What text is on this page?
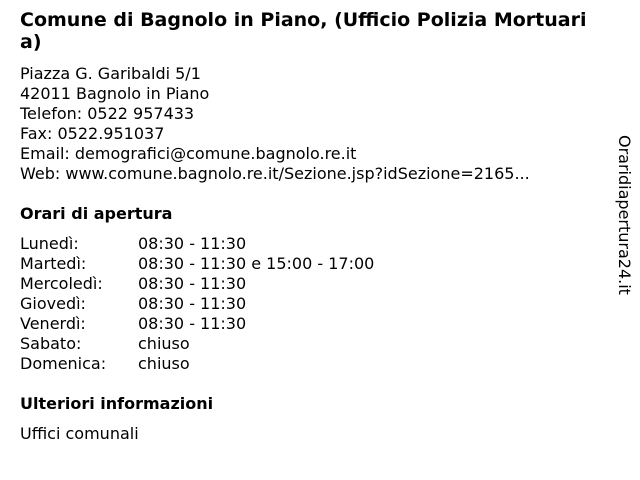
Comune di Bagnolo in Piano, (Ufficio Polizia Mortuaria)
Piazza G. Garibaldi 5/1
42011 Bagnolo in Piano
Telefon: 0522 957433
Fax: 0522.951037
Email: demografici@comune.bagnolo.re.it
Web: www.comune.bagnolo.re.it/Sezione.jsp?idSezione=2165...
Orari di apertura
Lunedì:	08:30 - 11:30
Martedì:	08:30 - 11:30 e 15:00 - 17:00
Mercoledì: 08:30 - 11:30
Giovedì:	08:30 - 11:30
Venerdì:	08:30 - 11:30
Sabato:	chiuso
Domenica: chiuso
Ulteriori informazioni
Uffici comunali
Oraridiapertura24.it
